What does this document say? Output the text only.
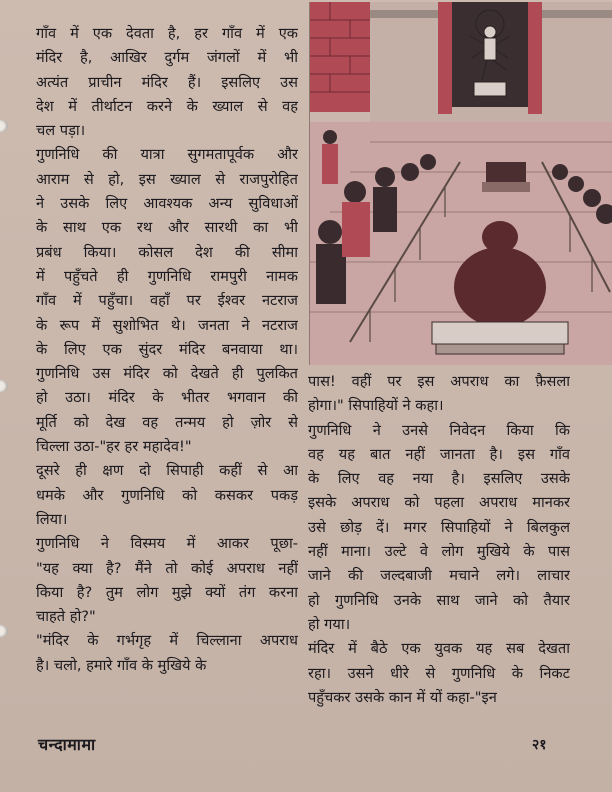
गाँव में एक देवता है, हर गाँव में एक
मंदिर है, आखिर दुर्गम जंगलों में भी
अत्यंत प्राचीन मंदिर हैं। इसलिए उस
देश में तीर्थाटन करने के ख्याल से वह
चल पड़ा।
गुणनिधि की यात्रा सुगमतापूर्वक और
आराम से हो, इस ख्याल से राजपुरोहित
ने उसके लिए आवश्यक अन्य सुविधाओं
के साथ एक रथ और सारथी का भी
प्रबंध किया। कोसल देश की सीमा
में पहुँचते ही गुणनिधि रामपुरी नामक
गाँव में पहुँचा। वहाँ पर ईश्वर नटराज
के रूप में सुशोभित थे। जनता ने नटराज
के लिए एक सुंदर मंदिर बनवाया था।
गुणनिधि उस मंदिर को देखते ही पुलकित
हो उठा। मंदिर के भीतर भगवान की
मूर्ति को देख वह तन्मय हो ज़ोर से
चिल्ला उठा-"हर हर महादेव!"
दूसरे ही क्षण दो सिपाही कहीं से आ
धमके और गुणनिधि को कसकर पकड़
लिया।
गुणनिधि ने विस्मय में आकर पूछा-
"यह क्या है? मैंने तो कोई अपराध नहीं
किया है? तुम लोग मुझे क्यों तंग करना
चाहते हो?"
"मंदिर के गर्भगृह में चिल्लाना अपराध
है। चलो, हमारे गाँव के मुखिये के
पास! वहीं पर इस अपराध का फ़ैसला
होगा।" सिपाहियों ने कहा।
गुणनिधि ने उनसे निवेदन किया कि
वह यह बात नहीं जानता है। इस गाँव
के लिए वह नया है। इसलिए उसके
इसके अपराध को पहला अपराध मानकर
उसे छोड़ दें। मगर सिपाहियों ने बिलकुल
नहीं माना। उल्टे वे लोग मुखिये के पास
जाने की जल्दबाजी मचाने लगे। लाचार
हो गुणनिधि उनके साथ जाने को तैयार
हो गया।
मंदिर में बैठे एक युवक यह सब देखता
रहा। उसने धीरे से गुणनिधि के निकट
पहुँचकर उसके कान में यों कहा-"इन
चन्दामामा	२१
